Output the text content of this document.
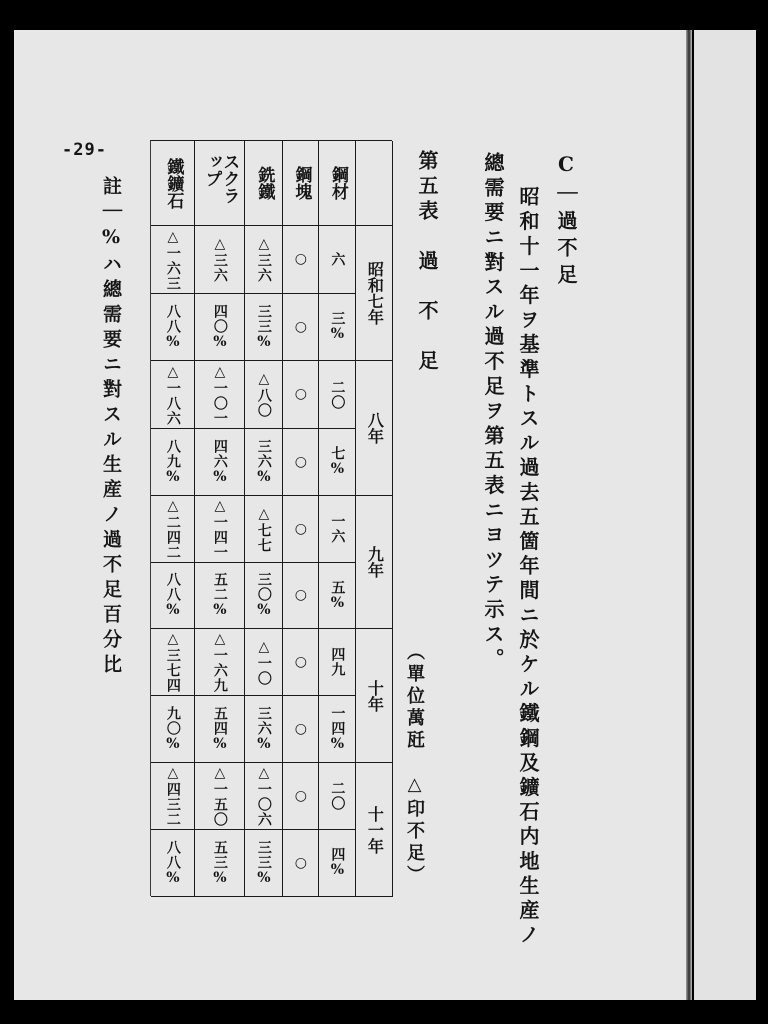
-29-
C｜過不足
昭和十一年ヲ基準トスル過去五箇年間ニ於ケル鐵鋼及鑛石内地生産ノ
總需要ニ對スル過不足ヲ第五表ニヨツテ示ス。
第五表　過　不　足
（單位萬瓩　△印不足）
鋼材
鋼塊
銑鐵
スクラップ
鐵鑛石
昭和七年
八年
九年
十年
十一年
六
○
△三六
△三六
△一六三
三%
○
三三%
四〇%
八八%
二〇
○
△八〇
△一〇一
△一八六
七%
○
三六%
四六%
八九%
一六
○
△七七
△一四一
△二四二
五%
○
三〇%
五二%
八八%
四九
○
△一〇
△一六九
△三七四
一四%
○
三六%
五四%
九〇%
二〇
○
△一〇六
△一五〇
△四三二
四%
○
三三%
五三%
八八%
註｜%ハ總需要ニ對スル生産ノ過不足百分比
